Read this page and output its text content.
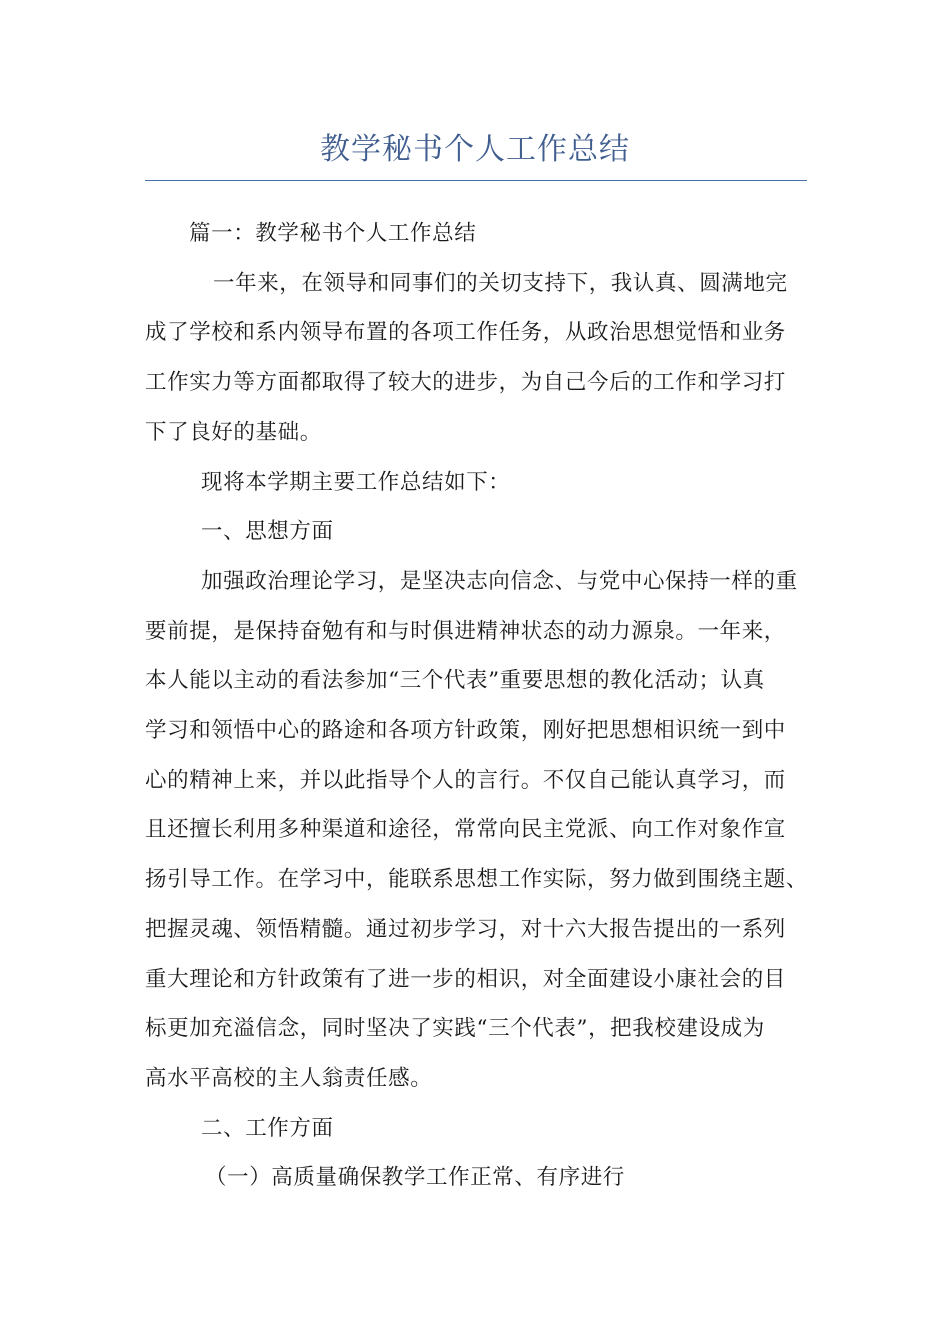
教学秘书个人工作总结

篇一：教学秘书个人工作总结

一年来，在领导和同事们的关切支持下，我认真、圆满地完

成了学校和系内领导布置的各项工作任务，从政治思想觉悟和业务

工作实力等方面都取得了较大的进步，为自己今后的工作和学习打

下了良好的基础。

现将本学期主要工作总结如下：

一、思想方面

加强政治理论学习，是坚决志向信念、与党中心保持一样的重

要前提，是保持奋勉有和与时俱进精神状态的动力源泉。一年来，

本人能以主动的看法参加“三个代表”重要思想的教化活动；认真

学习和领悟中心的路途和各项方针政策，刚好把思想相识统一到中

心的精神上来，并以此指导个人的言行。不仅自己能认真学习，而

且还擅长利用多种渠道和途径，常常向民主党派、向工作对象作宣

扬引导工作。在学习中，能联系思想工作实际，努力做到围绕主题、

把握灵魂、领悟精髓。通过初步学习，对十六大报告提出的一系列

重大理论和方针政策有了进一步的相识，对全面建设小康社会的目

标更加充溢信念，同时坚决了实践“三个代表”，把我校建设成为

高水平高校的主人翁责任感。

二、工作方面

（一）高质量确保教学工作正常、有序进行
